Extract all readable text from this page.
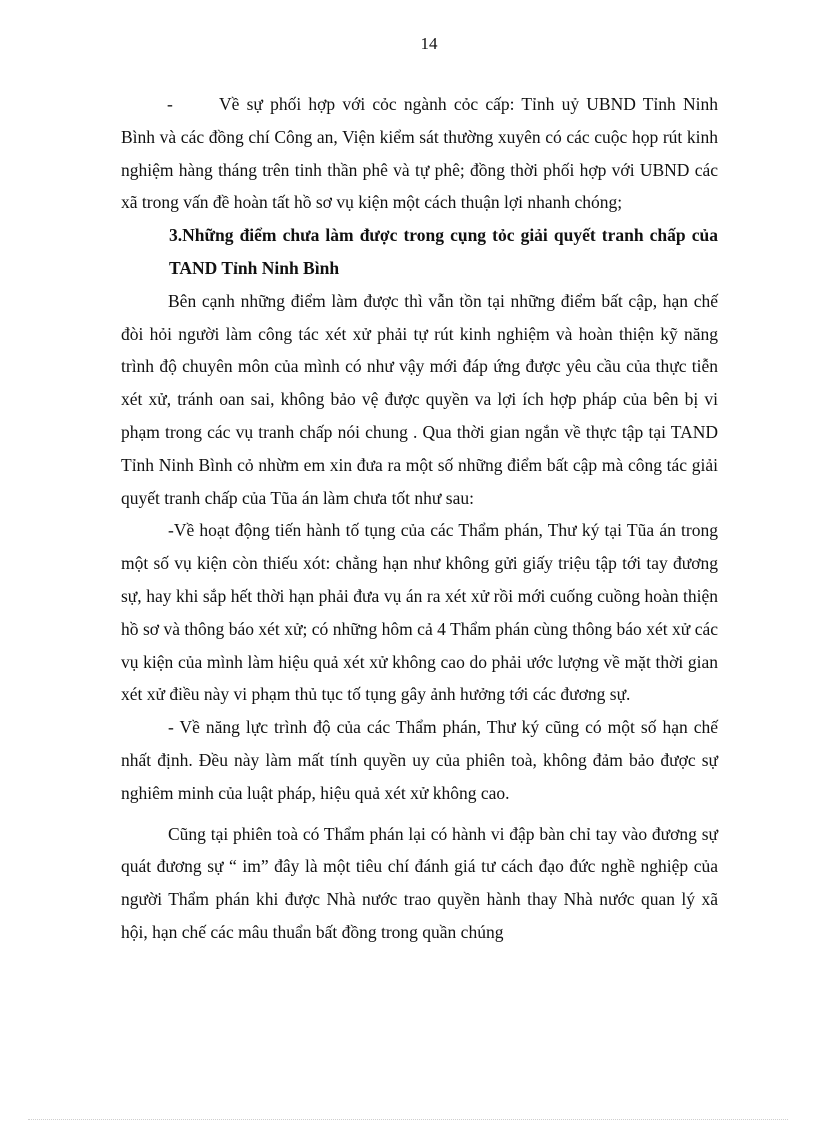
14

-	Về sự phối hợp với cỏc ngành cỏc cấp: Tỉnh uỷ UBND Tỉnh Ninh Bình và các đồng chí Công an, Viện kiểm sát thường xuyên có các cuộc họp rút kinh nghiệm hàng tháng trên tinh thần phê và tự phê; đồng thời phối hợp với UBND các xã trong vấn đề hoàn tất hồ sơ vụ kiện một cách thuận lợi nhanh chóng;

3.Những điểm chưa làm được trong cụng tỏc giải quyết tranh chấp của TAND Tỉnh Ninh Bình

Bên cạnh những điểm làm được thì vẫn tồn tại những điểm bất cập, hạn chế đòi hỏi người làm công tác xét xử phải tự rút kinh nghiệm và hoàn thiện kỹ năng trình độ chuyên môn của mình có như vậy mới đáp ứng được yêu cầu của thực tiễn xét xử, tránh oan sai, không bảo vệ được quyền va lợi ích hợp pháp của bên bị vi phạm trong các vụ tranh chấp nói chung . Qua thời gian ngắn về thực tập tại TAND Tỉnh Ninh Bình cỏ nhừm em xin đưa ra một số những điểm bất cập mà công tác giải quyết tranh chấp của Tũa án làm chưa tốt như sau:

-Về hoạt động tiến hành tố tụng của các Thẩm phán, Thư ký tại Tũa án trong một số vụ kiện còn thiếu xót: chẳng hạn như không gửi giấy triệu tập tới tay đương sự, hay khi sắp hết thời hạn phải đưa vụ án ra xét xử rồi mới cuống cuồng hoàn thiện hồ sơ và thông báo xét xử; có những hôm cả 4 Thẩm phán cùng thông báo xét xử các vụ kiện của mình làm hiệu quả xét xử không cao do phải ước lượng về mặt thời gian xét xử điều này vi phạm thủ tục tố tụng gây ảnh hưởng tới các đương sự.

- Về năng lực trình độ của các Thẩm phán, Thư ký cũng có một số hạn chế nhất định. Đều này làm mất tính quyền uy của phiên toà, không đảm bảo được sự nghiêm minh của luật pháp, hiệu quả xét xử không cao.

Cũng tại phiên toà có Thẩm phán lại có hành vi đập bàn chỉ tay vào đương sự quát đương sự “ im” đây là một tiêu chí đánh giá tư cách đạo đức nghề nghiệp của người Thẩm phán khi được Nhà nước trao quyền hành thay Nhà nước quan lý xã hội, hạn chế các mâu thuẩn bất đồng trong quần chúng
